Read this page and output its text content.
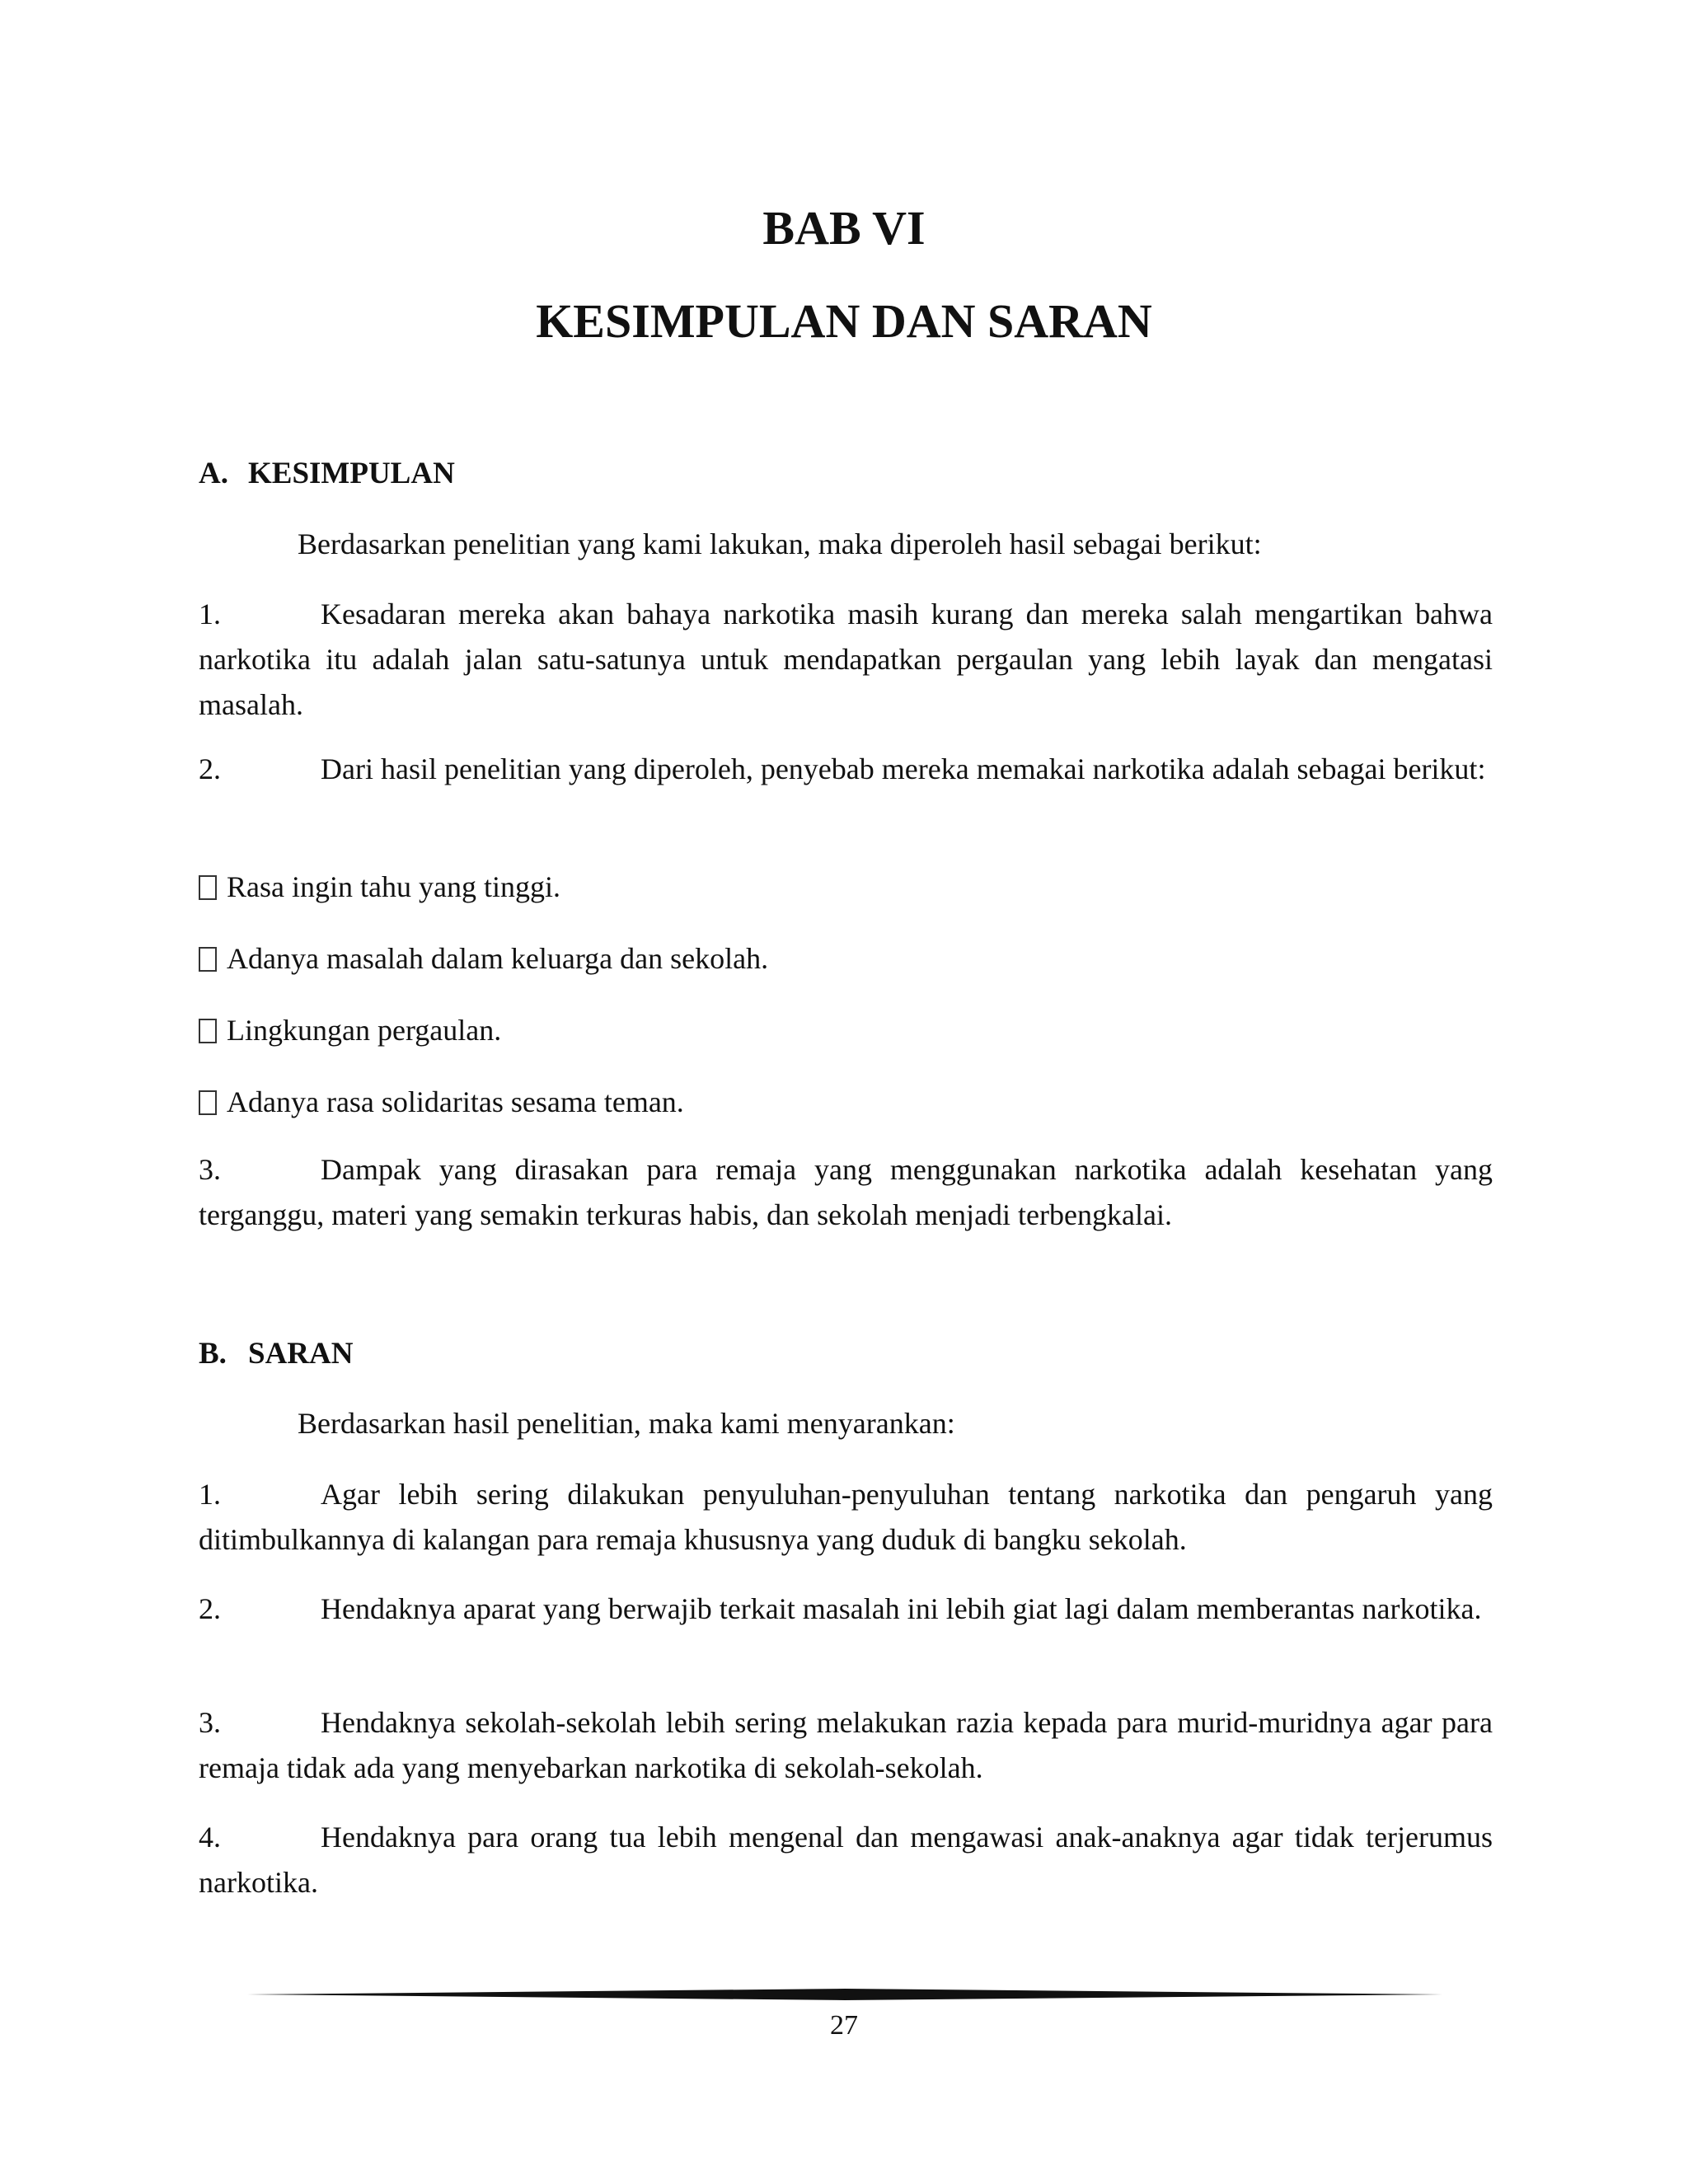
BAB VI
KESIMPULAN DAN SARAN
A. KESIMPULAN
Berdasarkan penelitian yang kami lakukan, maka diperoleh hasil sebagai berikut:
1.	Kesadaran mereka akan bahaya narkotika masih kurang dan mereka salah mengartikan bahwa narkotika itu adalah jalan satu-satunya untuk mendapatkan pergaulan yang lebih layak dan mengatasi masalah.
2.	Dari hasil penelitian yang diperoleh, penyebab mereka memakai narkotika adalah sebagai berikut:
Rasa ingin tahu yang tinggi.
Adanya masalah dalam keluarga dan sekolah.
Lingkungan pergaulan.
Adanya rasa solidaritas sesama teman.
3.	Dampak yang dirasakan para remaja yang menggunakan narkotika adalah kesehatan yang terganggu, materi yang semakin terkuras habis, dan sekolah menjadi terbengkalai.
B. SARAN
Berdasarkan hasil penelitian, maka kami menyarankan:
1.	Agar lebih sering dilakukan penyuluhan-penyuluhan tentang narkotika dan pengaruh yang ditimbulkannya di kalangan para remaja khususnya yang duduk di bangku sekolah.
2.	Hendaknya aparat yang berwajib terkait masalah ini lebih giat lagi dalam memberantas narkotika.
3.	Hendaknya sekolah-sekolah lebih sering melakukan razia kepada para murid-muridnya agar para remaja tidak ada yang menyebarkan narkotika di sekolah-sekolah.
4.	Hendaknya para orang tua lebih mengenal dan mengawasi anak-anaknya agar tidak terjerumus narkotika.
27
